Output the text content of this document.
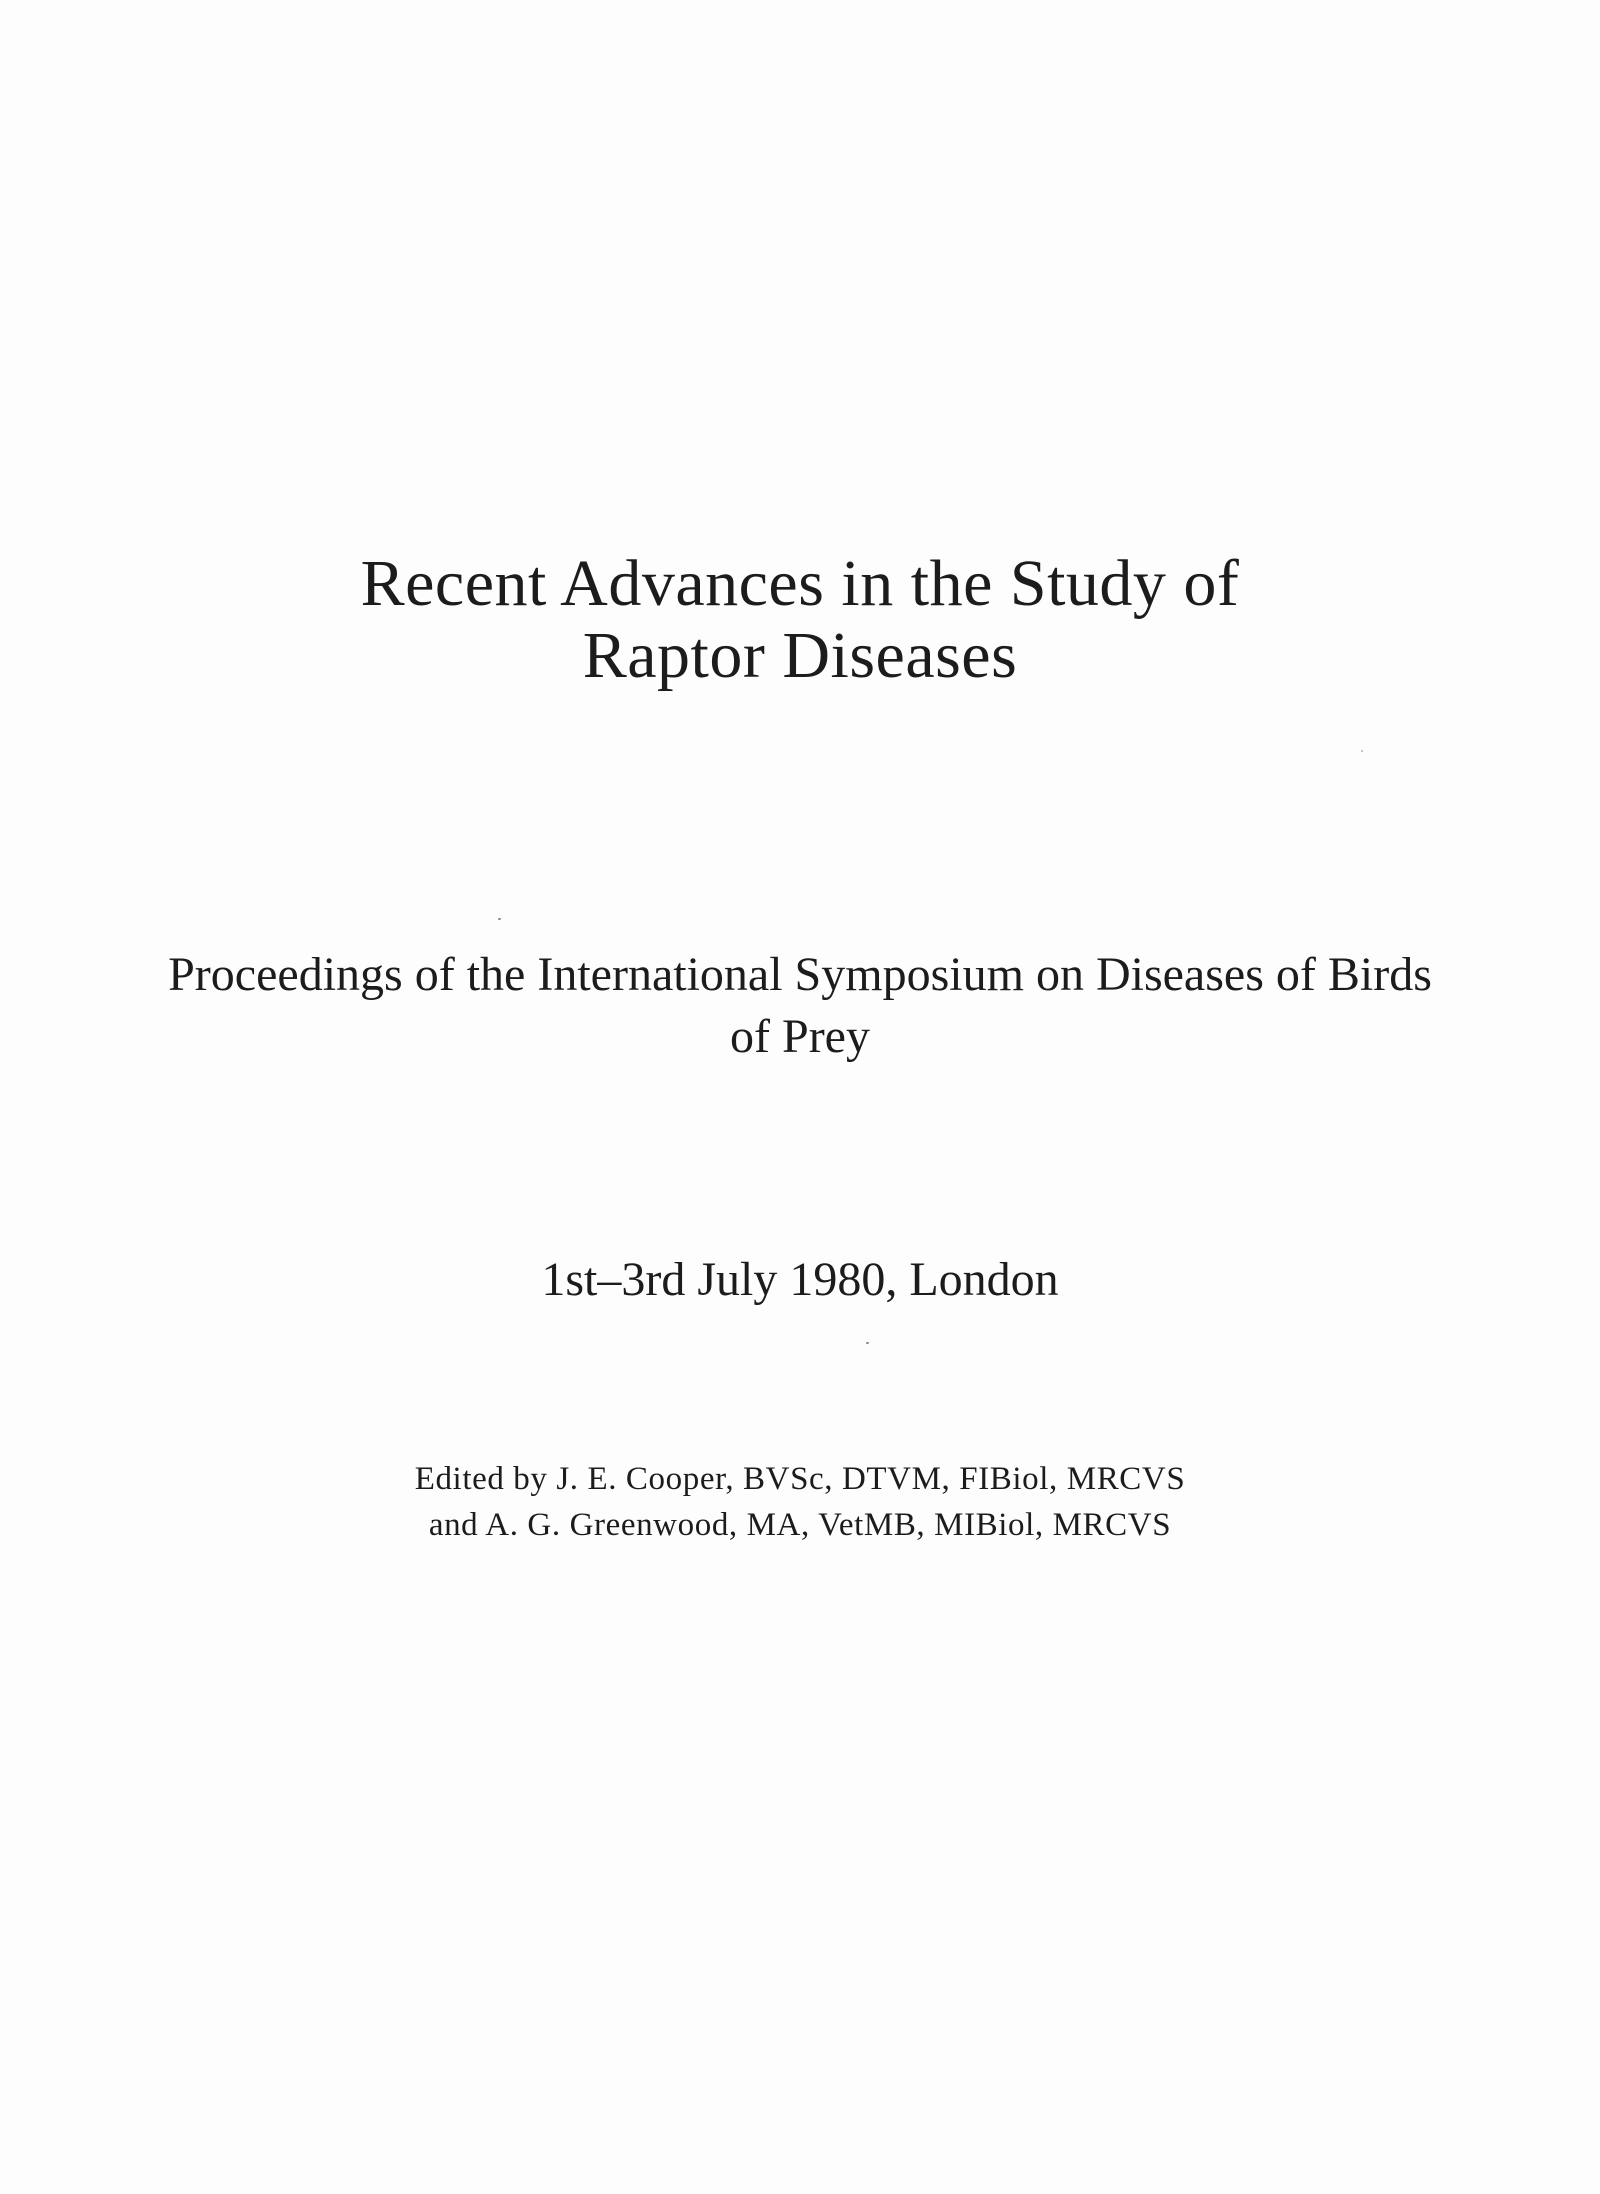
Recent Advances in the Study of
Raptor Diseases
Proceedings of the International Symposium on Diseases of Birds
of Prey
1st–3rd July 1980, London
Edited by J. E. Cooper, BVSc, DTVM, FIBiol, MRCVS
and A. G. Greenwood, MA, VetMB, MIBiol, MRCVS
